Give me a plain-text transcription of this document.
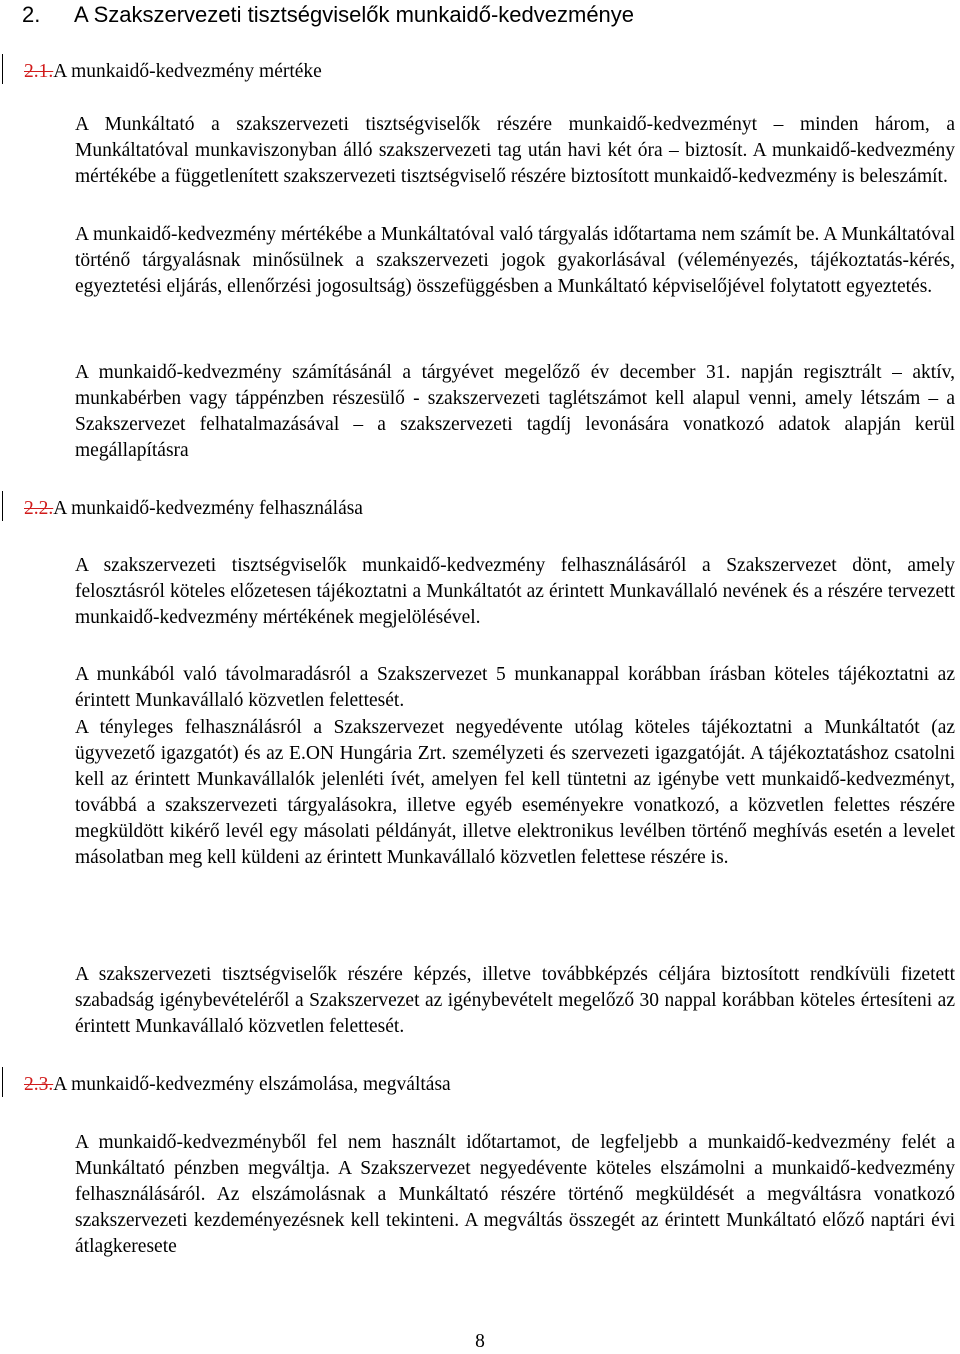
2. A Szakszervezeti tisztségviselők munkaidő-kedvezménye
2.1.A munkaidő-kedvezmény mértéke

A Munkáltató a szakszervezeti tisztségviselők részére munkaidő-kedvezményt – minden három, a Munkáltatóval munkaviszonyban álló szakszervezeti tag után havi két óra – biztosít. A munkaidő-kedvezmény mértékébe a függetlenített szakszervezeti tisztségviselő részére biztosított munkaidő-kedvezmény is beleszámít.

A munkaidő-kedvezmény mértékébe a Munkáltatóval való tárgyalás időtartama nem számít be. A Munkáltatóval történő tárgyalásnak minősülnek a szakszervezeti jogok gyakorlásával (véleményezés, tájékoztatás-kérés, egyeztetési eljárás, ellenőrzési jogosultság) összefüggésben a Munkáltató képviselőjével folytatott egyeztetés.

A munkaidő-kedvezmény számításánál a tárgyévet megelőző év december 31. napján regisztrált – aktív, munkabérben vagy táppénzben részesülő - szakszervezeti taglétszámot kell alapul venni, amely létszám – a Szakszervezet felhatalmazásával – a szakszervezeti tagdíj levonására vonatkozó adatok alapján kerül megállapításra

2.2.A munkaidő-kedvezmény felhasználása

A szakszervezeti tisztségviselők munkaidő-kedvezmény felhasználásáról a Szakszervezet dönt, amely felosztásról köteles előzetesen tájékoztatni a Munkáltatót az érintett Munkavállaló nevének és a részére tervezett munkaidő-kedvezmény mértékének megjelölésével.

A munkából való távolmaradásról a Szakszervezet 5 munkanappal korábban írásban köteles tájékoztatni az érintett Munkavállaló közvetlen felettesét.

A tényleges felhasználásról a Szakszervezet negyedévente utólag köteles tájékoztatni a Munkáltatót (az ügyvezető igazgatót) és az E.ON Hungária Zrt. személyzeti és szervezeti igazgatóját. A tájékoztatáshoz csatolni kell az érintett Munkavállalók jelenléti ívét, amelyen fel kell tüntetni az igénybe vett munkaidő-kedvezményt, továbbá a szakszervezeti tárgyalásokra, illetve egyéb eseményekre vonatkozó, a közvetlen felettes részére megküldött kikérő levél egy másolati példányát, illetve elektronikus levélben történő meghívás esetén a levelet másolatban meg kell küldeni az érintett Munkavállaló közvetlen felettese részére is.

A szakszervezeti tisztségviselők részére képzés, illetve továbbképzés céljára biztosított rendkívüli fizetett szabadság igénybevételéről a Szakszervezet az igénybevételt megelőző 30 nappal korábban köteles értesíteni az érintett Munkavállaló közvetlen felettesét.

2.3.A munkaidő-kedvezmény elszámolása, megváltása

A munkaidő-kedvezményből fel nem használt időtartamot, de legfeljebb a munkaidő-kedvezmény felét a Munkáltató pénzben megváltja. A Szakszervezet negyedévente köteles elszámolni a munkaidő-kedvezmény felhasználásáról. Az elszámolásnak a Munkáltató részére történő megküldését a megváltásra vonatkozó szakszervezeti kezdeményezésnek kell tekinteni. A megváltás összegét az érintett Munkáltató előző naptári évi átlagkeresete

8
